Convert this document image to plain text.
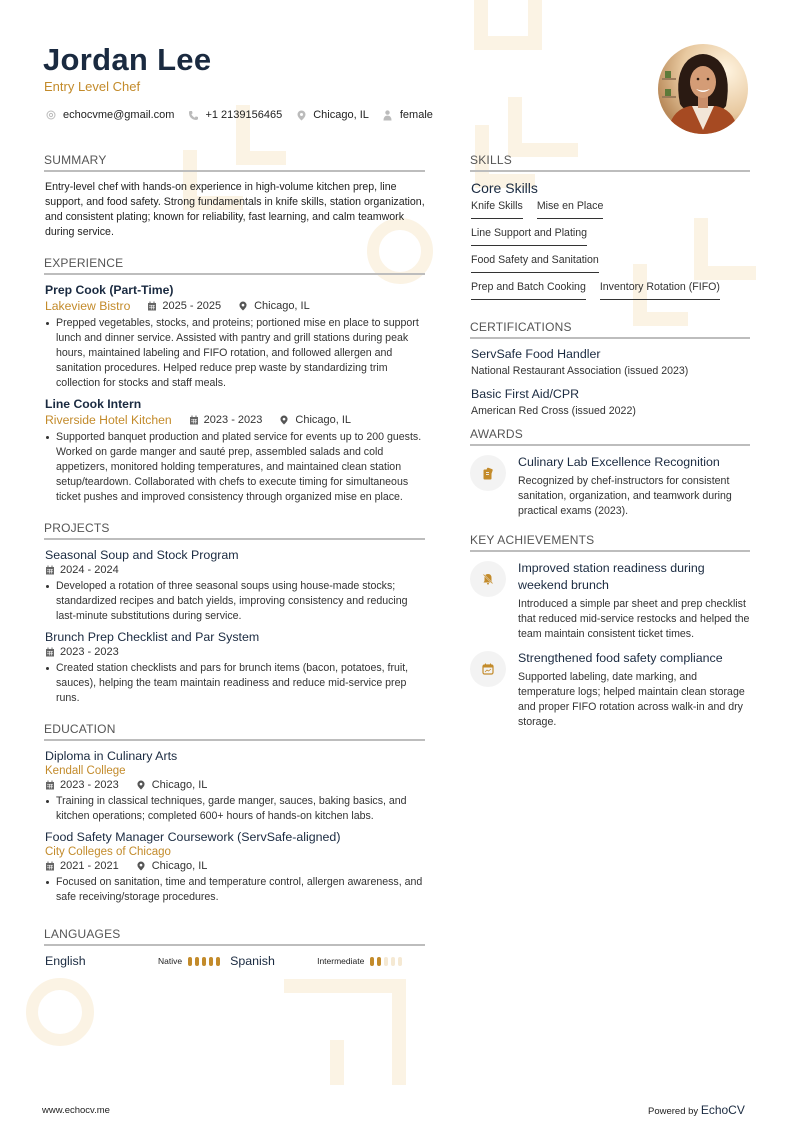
Jordan Lee
Entry Level Chef
echocvme@gmail.com	+1 2139156465	Chicago, IL	female
SUMMARY
Entry-level chef with hands-on experience in high-volume kitchen prep, line support, and food safety. Strong fundamentals in knife skills, station organization, and consistent plating; known for reliability, fast learning, and calm teamwork during service.
EXPERIENCE
Prep Cook (Part-Time)
Lakeview Bistro	2025 - 2025	Chicago, IL
Prepped vegetables, stocks, and proteins; portioned mise en place to support lunch and dinner service. Assisted with pantry and grill stations during peak hours, maintained labeling and FIFO rotation, and followed allergen and sanitation procedures. Helped reduce prep waste by standardizing trim collection for stocks and staff meals.
Line Cook Intern
Riverside Hotel Kitchen	2023 - 2023	Chicago, IL
Supported banquet production and plated service for events up to 200 guests. Worked on garde manger and sauté prep, assembled salads and cold appetizers, monitored holding temperatures, and maintained clean station setup/teardown. Collaborated with chefs to execute timing for simultaneous ticket pushes and improved consistency through organized mise en place.
PROJECTS
Seasonal Soup and Stock Program
2024 - 2024
Developed a rotation of three seasonal soups using house-made stocks; standardized recipes and batch yields, improving consistency and reducing last-minute substitutions during service.
Brunch Prep Checklist and Par System
2023 - 2023
Created station checklists and pars for brunch items (bacon, potatoes, fruit, sauces), helping the team maintain readiness and reduce mid-service prep runs.
EDUCATION
Diploma in Culinary Arts
Kendall College
2023 - 2023	Chicago, IL
Training in classical techniques, garde manger, sauces, baking basics, and kitchen operations; completed 600+ hours of hands-on kitchen labs.
Food Safety Manager Coursework (ServSafe-aligned)
City Colleges of Chicago
2021 - 2021	Chicago, IL
Focused on sanitation, time and temperature control, allergen awareness, and safe receiving/storage procedures.
LANGUAGES
English	Native	Spanish	Intermediate
SKILLS
Core Skills
Knife Skills Mise en Place
Line Support and Plating
Food Safety and Sanitation
Prep and Batch Cooking Inventory Rotation (FIFO)
CERTIFICATIONS
ServSafe Food Handler
National Restaurant Association (issued 2023)
Basic First Aid/CPR
American Red Cross (issued 2022)
AWARDS
Culinary Lab Excellence Recognition
Recognized by chef-instructors for consistent sanitation, organization, and teamwork during practical exams (2023).
KEY ACHIEVEMENTS
Improved station readiness during weekend brunch
Introduced a simple par sheet and prep checklist that reduced mid-service restocks and helped the team maintain consistent ticket times.
Strengthened food safety compliance
Supported labeling, date marking, and temperature logs; helped maintain clean storage and proper FIFO rotation across walk-in and dry storage.
www.echocv.me	Powered by EchoCV
